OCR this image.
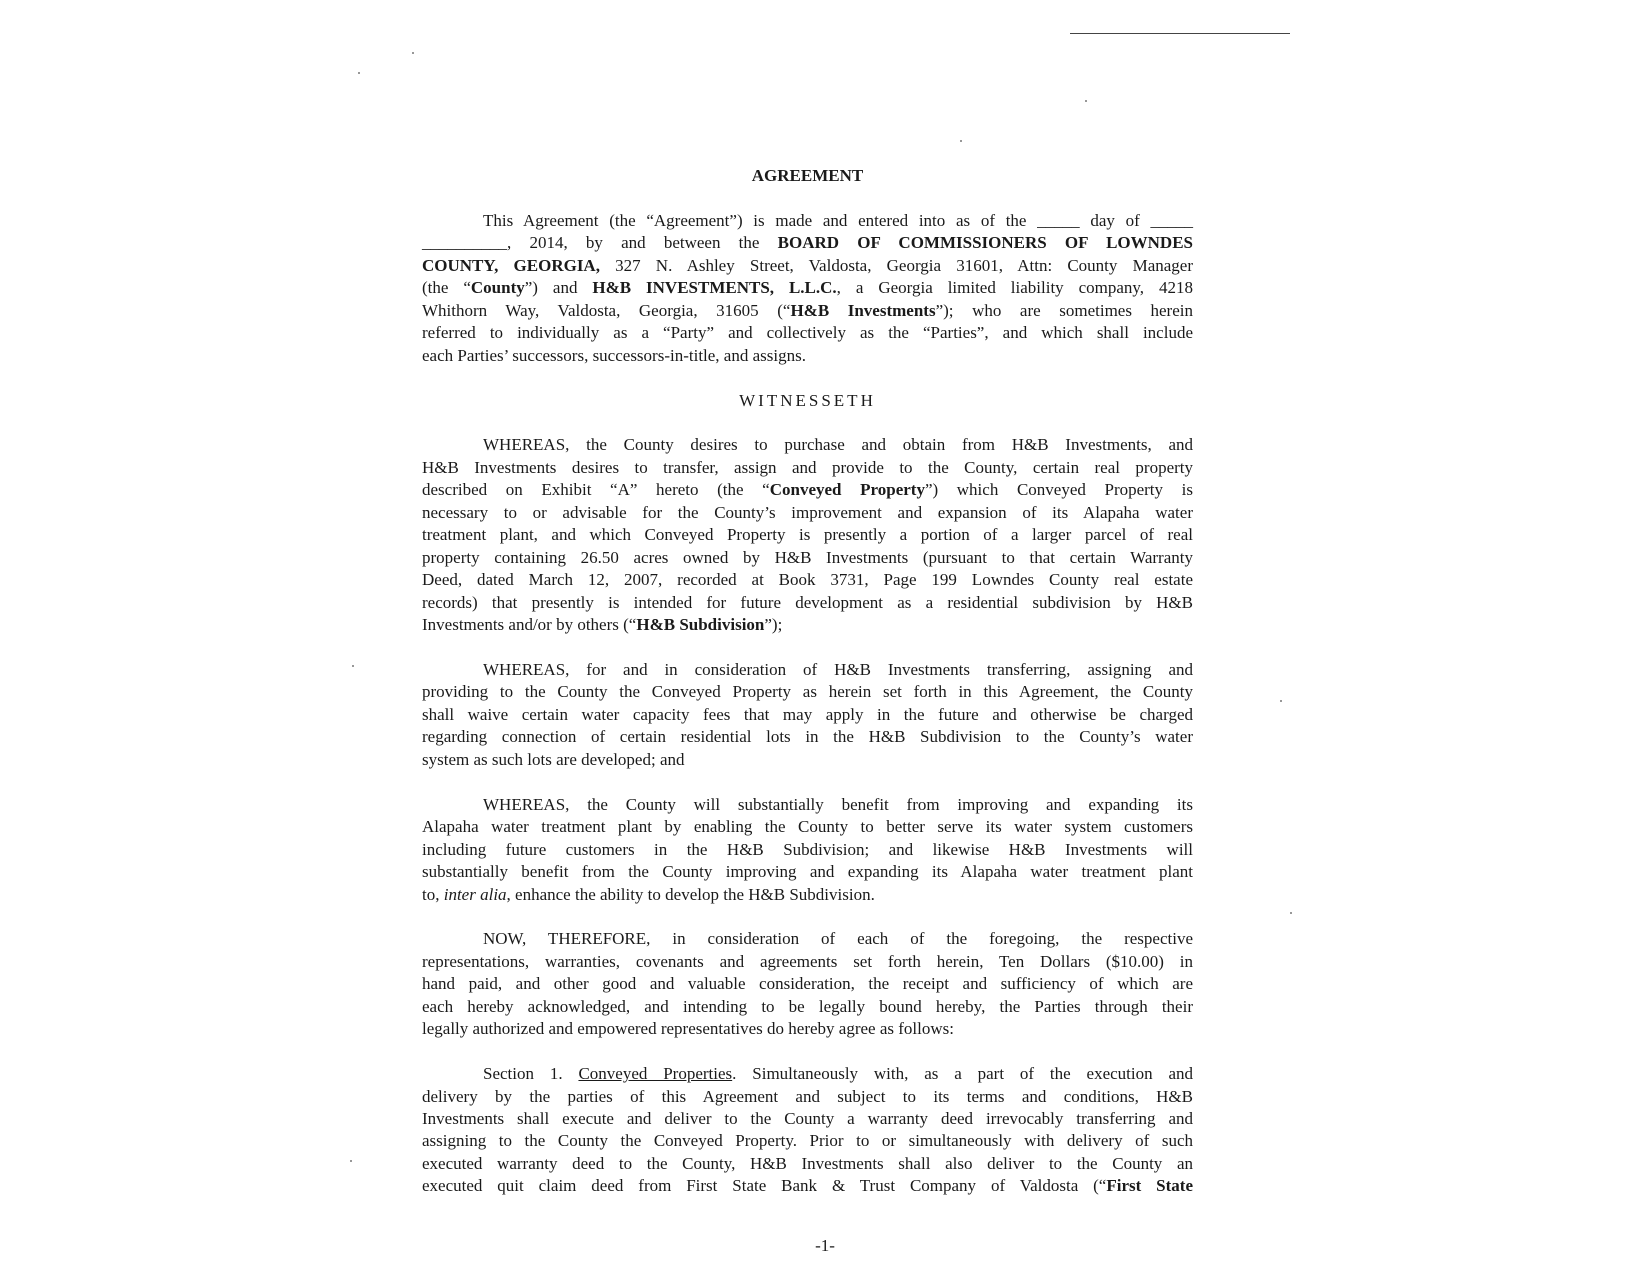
AGREEMENT
This Agreement (the “Agreement”) is made and entered into as of the _____ day of _____
__________, 2014, by and between the BOARD OF COMMISSIONERS OF LOWNDES
COUNTY, GEORGIA, 327 N. Ashley Street, Valdosta, Georgia 31601, Attn: County Manager
(the “County”) and H&B INVESTMENTS, L.L.C., a Georgia limited liability company, 4218
Whithorn Way, Valdosta, Georgia, 31605 (“H&B Investments”); who are sometimes herein
referred to individually as a “Party” and collectively as the “Parties”, and which shall include
each Parties’ successors, successors-in-title, and assigns.
WITNESSETH
WHEREAS, the County desires to purchase and obtain from H&B Investments, and
H&B Investments desires to transfer, assign and provide to the County, certain real property
described on Exhibit “A” hereto (the “Conveyed Property”) which Conveyed Property is
necessary to or advisable for the County’s improvement and expansion of its Alapaha water
treatment plant, and which Conveyed Property is presently a portion of a larger parcel of real
property containing 26.50 acres owned by H&B Investments (pursuant to that certain Warranty
Deed, dated March 12, 2007, recorded at Book 3731, Page 199 Lowndes County real estate
records) that presently is intended for future development as a residential subdivision by H&B
Investments and/or by others (“H&B Subdivision”);
WHEREAS, for and in consideration of H&B Investments transferring, assigning and
providing to the County the Conveyed Property as herein set forth in this Agreement, the County
shall waive certain water capacity fees that may apply in the future and otherwise be charged
regarding connection of certain residential lots in the H&B Subdivision to the County’s water
system as such lots are developed; and
WHEREAS, the County will substantially benefit from improving and expanding its
Alapaha water treatment plant by enabling the County to better serve its water system customers
including future customers in the H&B Subdivision; and likewise H&B Investments will
substantially benefit from the County improving and expanding its Alapaha water treatment plant
to, inter alia, enhance the ability to develop the H&B Subdivision.
NOW, THEREFORE, in consideration of each of the foregoing, the respective
representations, warranties, covenants and agreements set forth herein, Ten Dollars ($10.00) in
hand paid, and other good and valuable consideration, the receipt and sufficiency of which are
each hereby acknowledged, and intending to be legally bound hereby, the Parties through their
legally authorized and empowered representatives do hereby agree as follows:
Section 1. Conveyed Properties. Simultaneously with, as a part of the execution and
delivery by the parties of this Agreement and subject to its terms and conditions, H&B
Investments shall execute and deliver to the County a warranty deed irrevocably transferring and
assigning to the County the Conveyed Property. Prior to or simultaneously with delivery of such
executed warranty deed to the County, H&B Investments shall also deliver to the County an
executed quit claim deed from First State Bank & Trust Company of Valdosta (“First State
-1-
